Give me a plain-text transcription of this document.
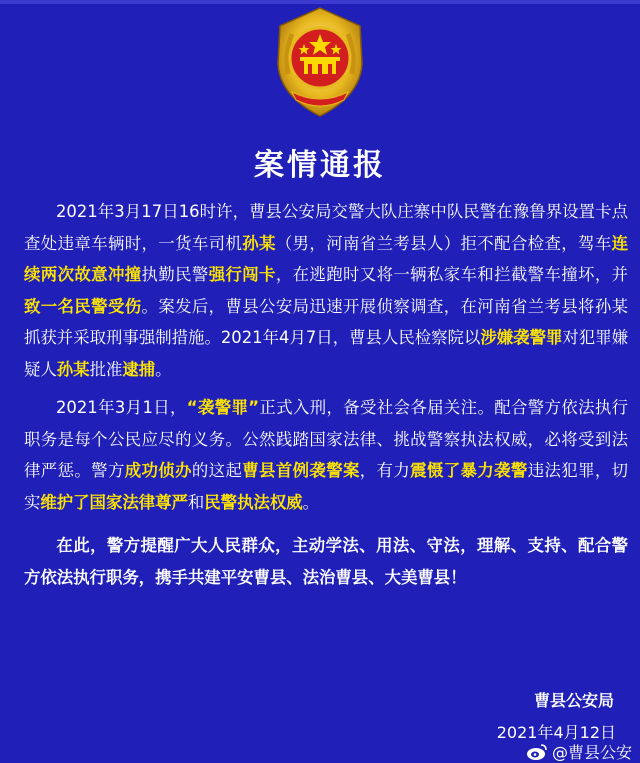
案情通报

2021年3月17日16时许，曹县公安局交警大队庄寨中队民警在豫鲁界设置卡点查处违章车辆时，一货车司机孙某（男，河南省兰考县人）拒不配合检查，驾车连续两次故意冲撞执勤民警强行闯卡，在逃跑时又将一辆私家车和拦截警车撞坏，并致一名民警受伤。案发后，曹县公安局迅速开展侦察调查，在河南省兰考县将孙某抓获并采取刑事强制措施。2021年4月7日，曹县人民检察院以涉嫌袭警罪对犯罪嫌疑人孙某批准逮捕。

2021年3月1日，“袭警罪”正式入刑，备受社会各届关注。配合警方依法执行职务是每个公民应尽的义务。公然践踏国家法律、挑战警察执法权威，必将受到法律严惩。警方成功侦办的这起曹县首例袭警案，有力震慑了暴力袭警违法犯罪，切实维护了国家法律尊严和民警执法权威。

在此，警方提醒广大人民群众，主动学法、用法、守法，理解、支持、配合警方依法执行职务，携手共建平安曹县、法治曹县、大美曹县！

曹县公安局
2021年4月12日
@曹县公安
